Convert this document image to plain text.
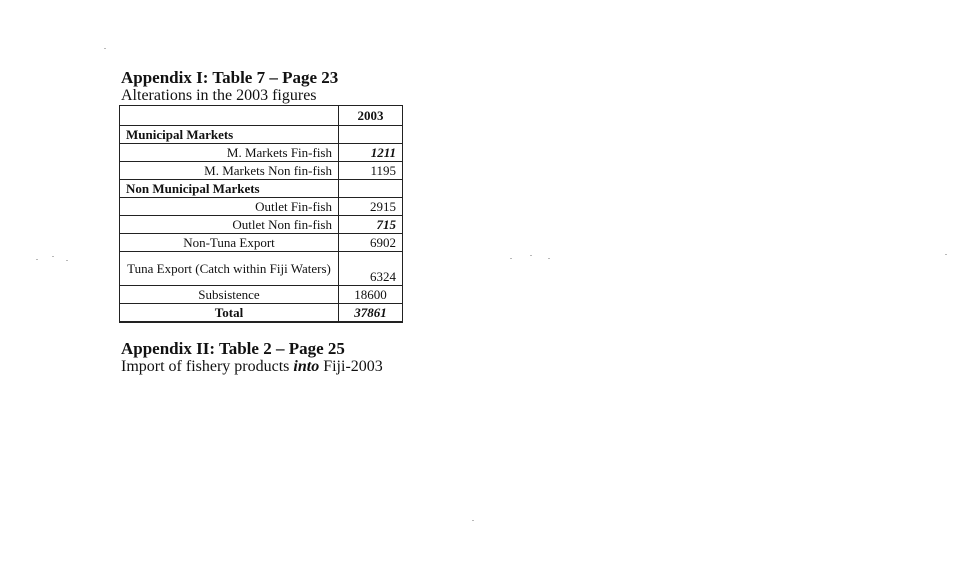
Appendix I: Table 7 – Page 23
Alterations in the 2003 figures
	2003
Municipal Markets	
M. Markets Fin-fish	1211
M. Markets Non fin-fish	1195
Non Municipal Markets	
Outlet Fin-fish	2915
Outlet Non fin-fish	715
Non-Tuna Export	6902
Tuna Export (Catch within Fiji Waters)	6324
Subsistence	18600
Total	37861
Appendix II: Table 2 – Page 25
Import of fishery products into Fiji-2003
